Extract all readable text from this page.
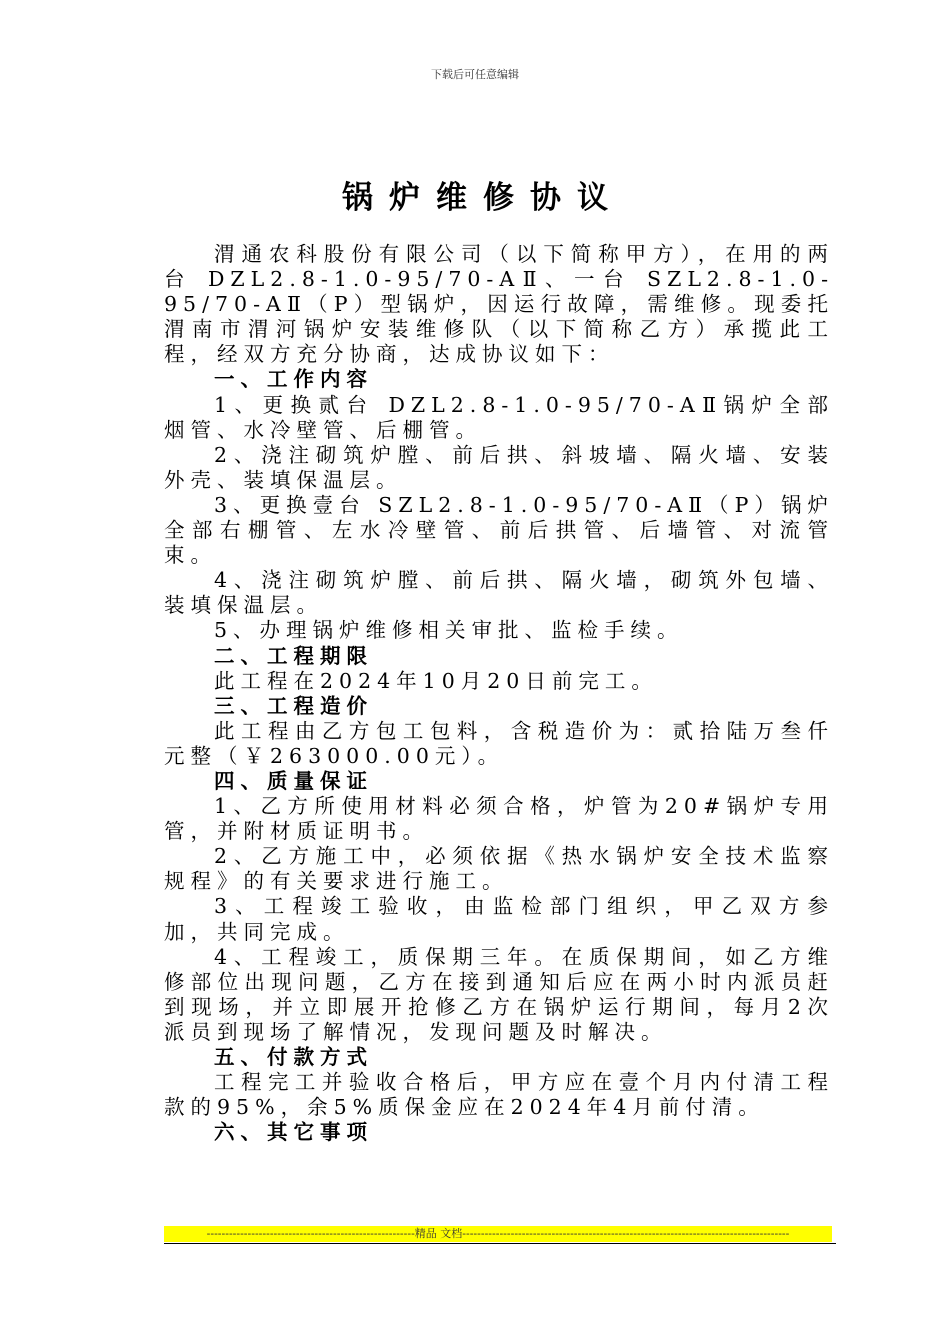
下载后可任意编辑
锅炉维修协议

渭通农科股份有限公司（以下简称甲方），在用的两台 DZL2.8-1.0-95/70-AⅡ、一台 SZL2.8-1.0-95/70-AⅡ（P）型锅炉，因运行故障，需维修。现委托渭南市渭河锅炉安装维修队（以下简称乙方）承揽此工程，经双方充分协商，达成协议如下：

一、工作内容

1、更换贰台 DZL2.8-1.0-95/70-AⅡ锅炉全部烟管、水冷壁管、后棚管。

2、浇注砌筑炉膛、前后拱、斜坡墙、隔火墙、安装外壳、装填保温层。

3、更换壹台 SZL2.8-1.0-95/70-AⅡ（P）锅炉全部右棚管、左水冷壁管、前后拱管、后墙管、对流管束。

4、浇注砌筑炉膛、前后拱、隔火墙，砌筑外包墙、装填保温层。

5、办理锅炉维修相关审批、监检手续。

二、工程期限

此工程在2024年10月20日前完工。

三、工程造价

此工程由乙方包工包料，含税造价为：贰拾陆万叁仟元整（￥263000.00元）。

四、质量保证

1、乙方所使用材料必须合格，炉管为20#锅炉专用管，并附材质证明书。

2、乙方施工中，必须依据《热水锅炉安全技术监察规程》的有关要求进行施工。

3、工程竣工验收，由监检部门组织，甲乙双方参加，共同完成。

4、工程竣工，质保期三年。在质保期间，如乙方维修部位出现问题，乙方在接到通知后应在两小时内派员赶到现场，并立即展开抢修乙方在锅炉运行期间，每月2次派员到现场了解情况，发现问题及时解决。

五、付款方式

工程完工并验收合格后，甲方应在壹个月内付清工程款的95%，余5%质保金应在2024年4月前付清。

六、其它事项

--------------------------------------------------------精品 文档----------------------------------------------------------------------------------------
